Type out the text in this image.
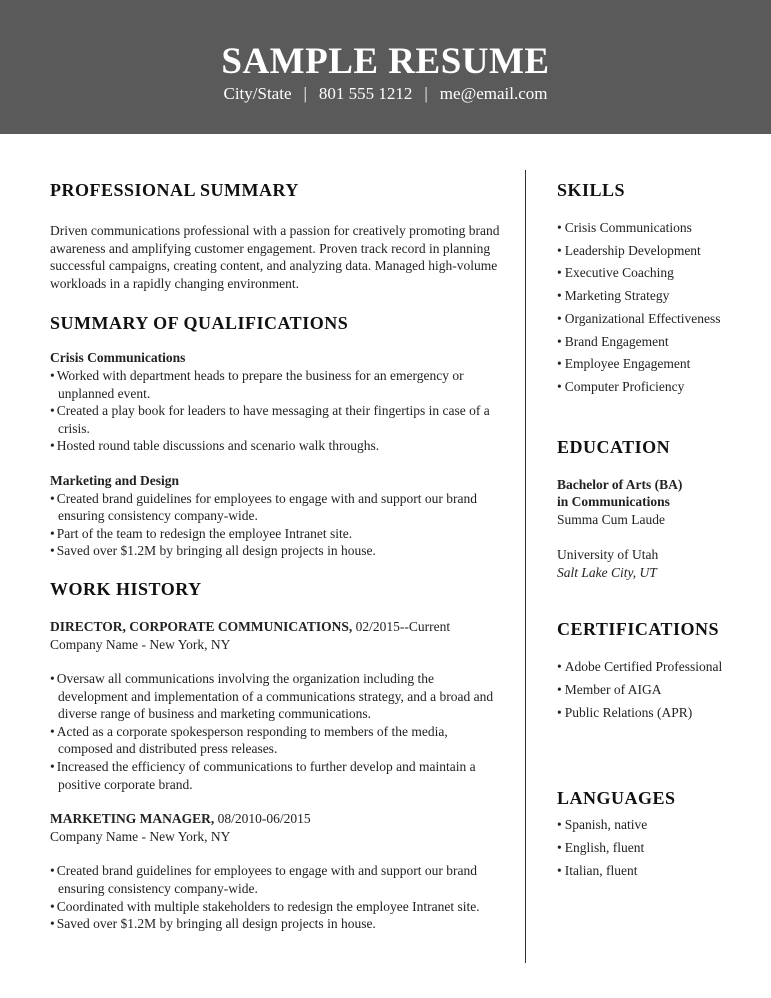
SAMPLE RESUME
City/State | 801 555 1212 | me@email.com
PROFESSIONAL SUMMARY

Driven communications professional with a passion for creatively promoting brand awareness and amplifying customer engagement. Proven track record in planning successful campaigns, creating content, and analyzing data. Managed high-volume workloads in a rapidly changing environment.

SUMMARY OF QUALIFICATIONS
Crisis Communications
• Worked with department heads to prepare the business for an emergency or unplanned event.
• Created a play book for leaders to have messaging at their fingertips in case of a crisis.
• Hosted round table discussions and scenario walk throughs.
Marketing and Design
• Created brand guidelines for employees to engage with and support our brand ensuring consistency company-wide.
• Part of the team to redesign the employee Intranet site.
• Saved over $1.2M by bringing all design projects in house.
WORK HISTORY
DIRECTOR, CORPORATE COMMUNICATIONS, 02/2015--Current
Company Name - New York, NY
• Oversaw all communications involving the organization including the development and implementation of a communications strategy, and a broad and diverse range of business and marketing communications.
• Acted as a corporate spokesperson responding to members of the media, composed and distributed press releases.
• Increased the efficiency of communications to further develop and maintain a positive corporate brand.
MARKETING MANAGER, 08/2010-06/2015
Company Name - New York, NY
• Created brand guidelines for employees to engage with and support our brand ensuring consistency company-wide.
• Coordinated with multiple stakeholders to redesign the employee Intranet site.
• Saved over $1.2M by bringing all design projects in house.
SKILLS
• Crisis Communications
• Leadership Development
• Executive Coaching
• Marketing Strategy
• Organizational Effectiveness
• Brand Engagement
• Employee Engagement
• Computer Proficiency
EDUCATION
Bachelor of Arts (BA)
in Communications
Summa Cum Laude
University of Utah
Salt Lake City, UT
CERTIFICATIONS
• Adobe Certified Professional
• Member of AIGA
• Public Relations (APR)
LANGUAGES
• Spanish, native
• English, fluent
• Italian, fluent
